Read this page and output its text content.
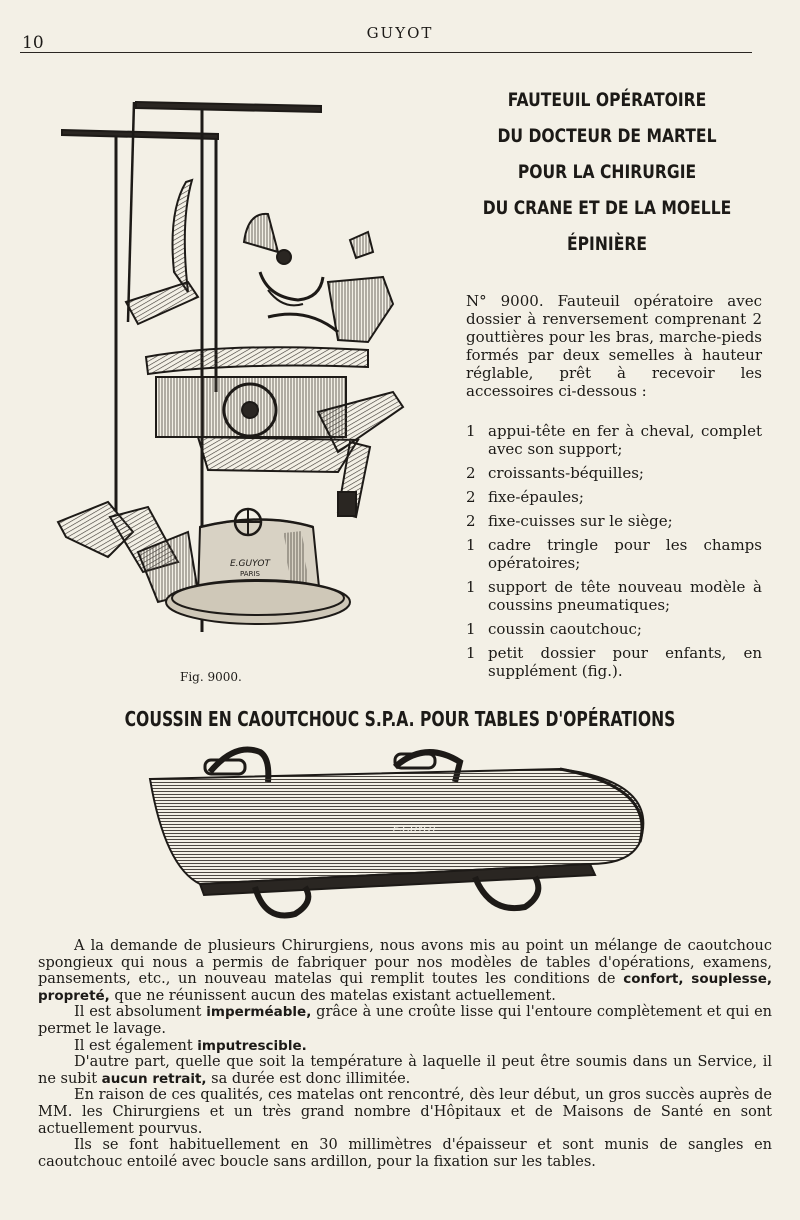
10	GUYOT
E.GUYOT
PARIS
Fig. 9000.
FAUTEUIL OPÉRATOIRE
DU DOCTEUR DE MARTEL
POUR LA CHIRURGIE
DU CRANE ET DE LA MOELLE
ÉPINIÈRE
N° 9000. Fauteuil opératoire avec dossier à renversement comprenant 2 gouttières pour les bras, marche-pieds formés par deux semelles à hauteur réglable, prêt à recevoir les accessoires ci-dessous :
1 appui-tête en fer à cheval, complet avec son support;
2 croissants-béquilles;
2 fixe-épaules;
2 fixe-cuisses sur le siège;
1 cadre tringle pour les champs opératoires;
1 support de tête nouveau modèle à coussins pneumatiques;
1 coussin caoutchouc;
1 petit dossier pour enfants, en supplément (fig.).
COUSSIN EN CAOUTCHOUC S.P.A. POUR TABLES D'OPÉRATIONS
E.GUYOT

A la demande de plusieurs Chirurgiens, nous avons mis au point un mélange de caoutchouc spongieux qui nous a permis de fabriquer pour nos modèles de tables d'opérations, examens, pansements, etc., un nouveau matelas qui remplit toutes les conditions de confort, souplesse, propreté, que ne réunissent aucun des matelas existant actuellement.

Il est absolument imperméable, grâce à une croûte lisse qui l'entoure complètement et qui en permet le lavage.

Il est également imputrescible.

D'autre part, quelle que soit la température à laquelle il peut être soumis dans un Service, il ne subit aucun retrait, sa durée est donc illimitée.

En raison de ces qualités, ces matelas ont rencontré, dès leur début, un gros succès auprès de MM. les Chirurgiens et un très grand nombre d'Hôpitaux et de Maisons de Santé en sont actuellement pourvus.

Ils se font habituellement en 30 millimètres d'épaisseur et sont munis de sangles en caoutchouc entoilé avec boucle sans ardillon, pour la fixation sur les tables.
